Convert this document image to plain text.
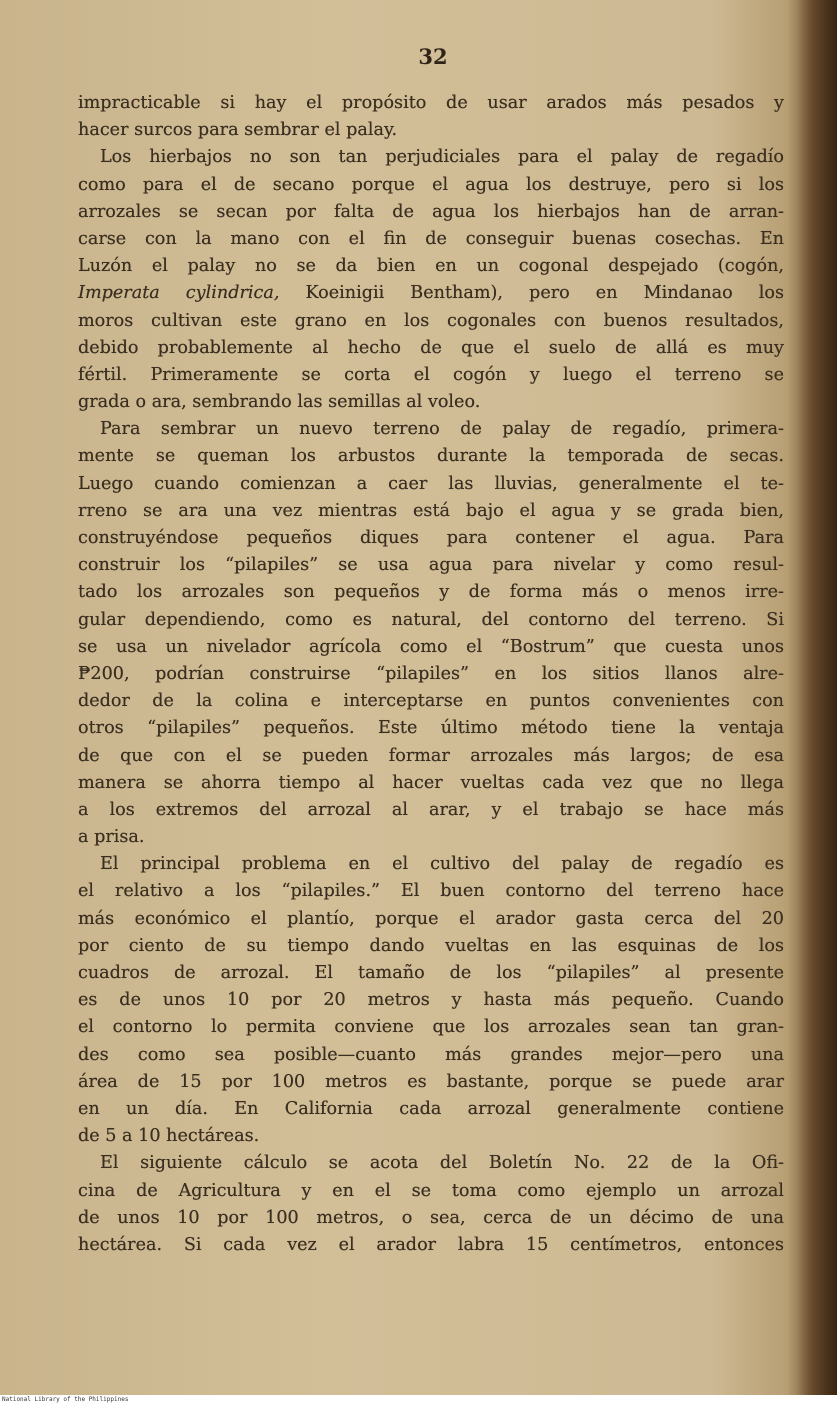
32
impracticable si hay el propósito de usar arados más pesados y
hacer surcos para sembrar el palay.
Los hierbajos no son tan perjudiciales para el palay de regadío
como para el de secano porque el agua los destruye, pero si los
arrozales se secan por falta de agua los hierbajos han de arran-
carse con la mano con el fin de conseguir buenas cosechas. En
Luzón el palay no se da bien en un cogonal despejado (cogón,
Imperata cylindrica, Koeinigii Bentham), pero en Mindanao los
moros cultivan este grano en los cogonales con buenos resultados,
debido probablemente al hecho de que el suelo de allá es muy
fértil. Primeramente se corta el cogón y luego el terreno se
grada o ara, sembrando las semillas al voleo.
Para sembrar un nuevo terreno de palay de regadío, primera-
mente se queman los arbustos durante la temporada de secas.
Luego cuando comienzan a caer las lluvias, generalmente el te-
rreno se ara una vez mientras está bajo el agua y se grada bien,
construyéndose pequeños diques para contener el agua. Para
construir los “pilapiles” se usa agua para nivelar y como resul-
tado los arrozales son pequeños y de forma más o menos irre-
gular dependiendo, como es natural, del contorno del terreno. Si
se usa un nivelador agrícola como el “Bostrum” que cuesta unos
₱200, podrían construirse “pilapiles” en los sitios llanos alre-
dedor de la colina e interceptarse en puntos convenientes con
otros “pilapiles” pequeños. Este último método tiene la ventaja
de que con el se pueden formar arrozales más largos; de esa
manera se ahorra tiempo al hacer vueltas cada vez que no llega
a los extremos del arrozal al arar, y el trabajo se hace más
a prisa.
El principal problema en el cultivo del palay de regadío es
el relativo a los “pilapiles.” El buen contorno del terreno hace
más económico el plantío, porque el arador gasta cerca del 20
por ciento de su tiempo dando vueltas en las esquinas de los
cuadros de arrozal. El tamaño de los “pilapiles” al presente
es de unos 10 por 20 metros y hasta más pequeño. Cuando
el contorno lo permita conviene que los arrozales sean tan gran-
des como sea posible—cuanto más grandes mejor—pero una
área de 15 por 100 metros es bastante, porque se puede arar
en un día. En California cada arrozal generalmente contiene
de 5 a 10 hectáreas.
El siguiente cálculo se acota del Boletín No. 22 de la Ofi-
cina de Agricultura y en el se toma como ejemplo un arrozal
de unos 10 por 100 metros, o sea, cerca de un décimo de una
hectárea. Si cada vez el arador labra 15 centímetros, entonces
National Library of the Philippines
